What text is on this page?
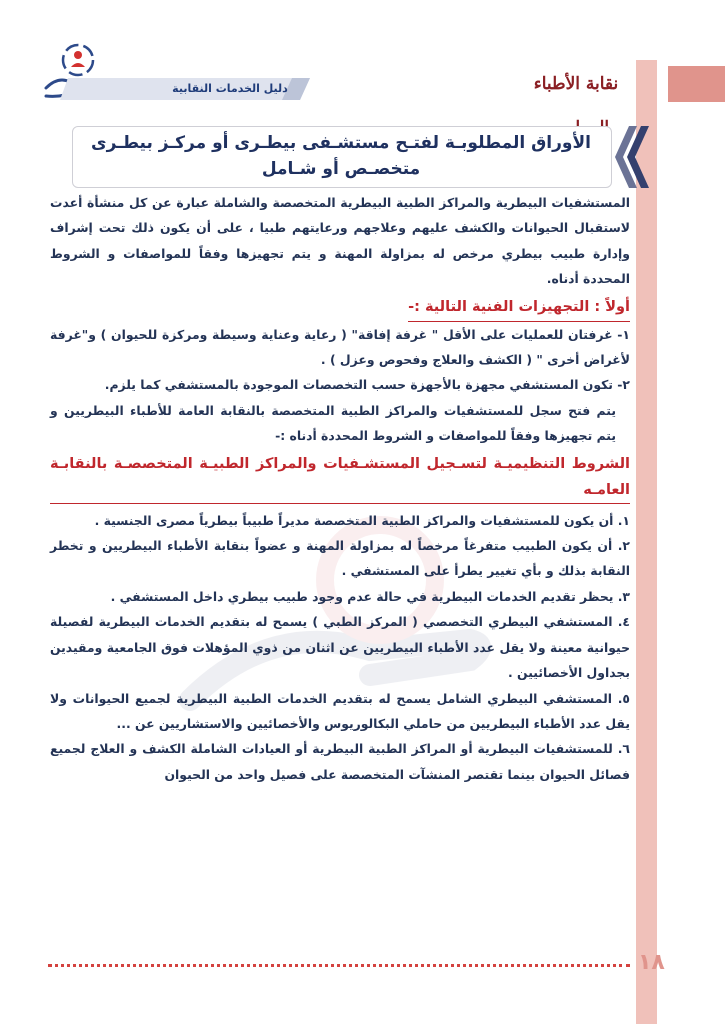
نقابة الأطباء
دليل الخدمات النقابية
الأوراق المطلوبـة لفتـح مستشـفى بيطـرى أو مركـز بيطـرى متخصـص أو شـامل

المستشفيات البيطرية والمراكز الطبية البيطرية المتخصصة والشاملة عبارة عن كل منشأة أعدت لاستقبال الحيوانات والكشف عليهم وعلاجهم ورعايتهم طبيا ، على أن يكون ذلك تحت إشراف وإدارة طبيب بيطري مرخص له بمزاولة المهنة و يتم تجهيزها وفقاً للمواصفات و الشروط المحددة أدناه.

أولاً : التجهيزات الفنية التالية :-

١- غرفتان للعمليات على الأقل " غرفة إفاقة" ( رعاية وعناية وسيطة ومركزة للحيوان ) و"غرفة لأغراض أخرى " ( الكشف والعلاج وفحوص وعزل ) .

٢- تكون المستشفي مجهزة بالأجهزة حسب التخصصات الموجودة بالمستشفي كما يلزم.

يتم فتح سجل للمستشفيات والمراكز الطبية المتخصصة بالنقابة العامة للأطباء البيطريين و يتم تجهيزها وفقاً للمواصفات و الشروط المحددة أدناه :-

الشروط التنظيميـة لتسـجيل المستشـفيات والمراكز الطبيـة المتخصصـة بالنقابـة العامـه

١. أن يكون للمستشفيات والمراكز الطبية المتخصصة مديراً طبيباً بيطرياً مصرى الجنسية .

٢. أن يكون الطبيب متفرغاً مرخصاً له بمزاولة المهنة و عضواً بنقابة الأطباء البيطريين و تخطر النقابة بذلك و بأي تغيير يطرأ على المستشفي .

٣. يحظر تقديم الخدمات البيطرية في حالة عدم وجود طبيب بيطري داخل المستشفي .

٤. المستشفي البيطري التخصصي ( المركز الطبي ) يسمح له بتقديم الخدمات البيطرية لفصيلة حيوانية معينة ولا يقل عدد الأطباء البيطريين عن اثنان من ذوي المؤهلات فوق الجامعية ومقيدين بجداول الأخصائيين .

٥. المستشفي البيطري الشامل يسمح له بتقديم الخدمات الطبية البيطرية لجميع الحيوانات ولا يقل عدد الأطباء البيطريين من حاملي البكالوريوس والأخصائيين والاستشاريين عن ...

٦. للمستشفيات البيطرية أو المراكز الطبية البيطرية أو العيادات الشاملة الكشف و العلاج لجميع فصائل الحيوان بينما تقتصر المنشآت المتخصصة على فصيل واحد من الحيوان

١٨
